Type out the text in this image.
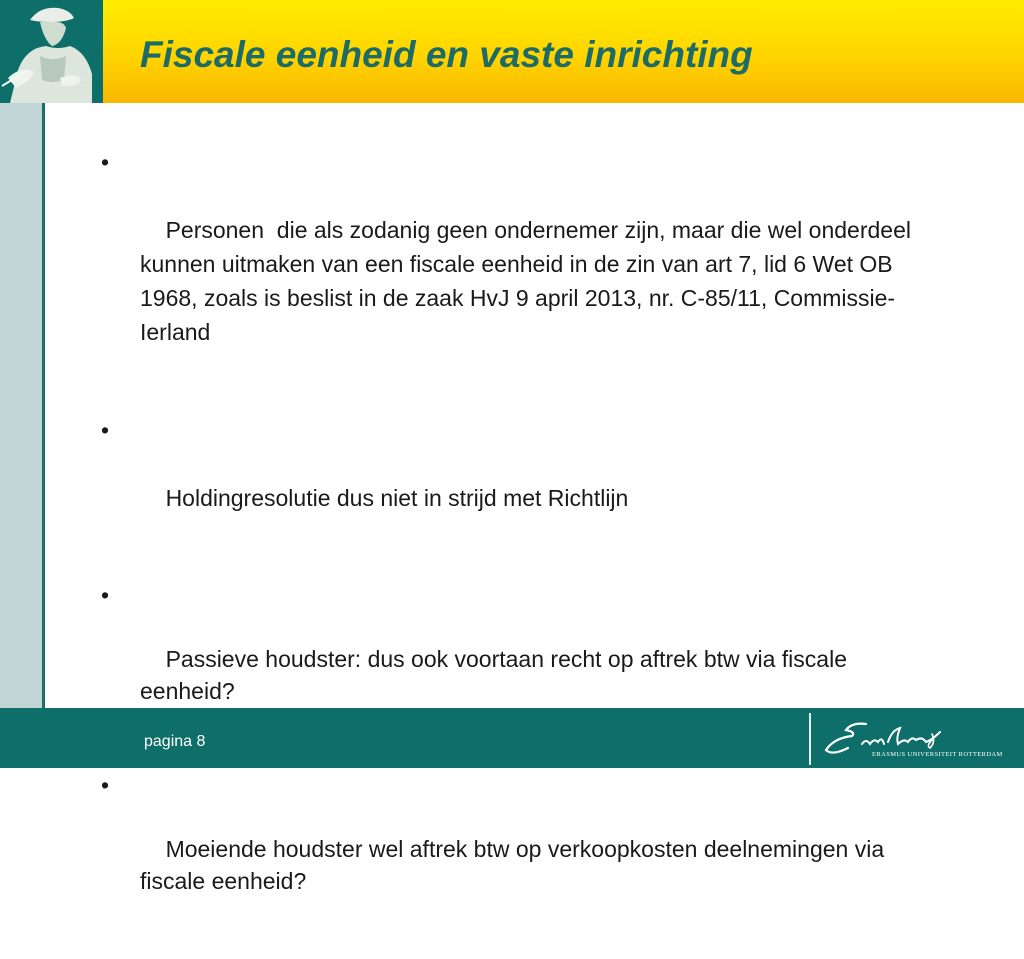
Fiscale eenheid en vaste inrichting

•

Personen  die als zodanig geen ondernemer zijn, maar die wel onderdeel kunnen uitmaken van een fiscale eenheid in de zin van art 7, lid 6 Wet OB 1968, zoals is beslist in de zaak HvJ 9 april 2013, nr. C-85/11, Commissie-Ierland

•

Holdingresolutie dus niet in strijd met Richtlijn

•

Passieve houdster: dus ook voortaan recht op aftrek btw via fiscale eenheid?

•

Moeiende houdster wel aftrek btw op verkoopkosten deelnemingen via fiscale eenheid?

pagina 8
ERASMUS UNIVERSITEIT ROTTERDAM
